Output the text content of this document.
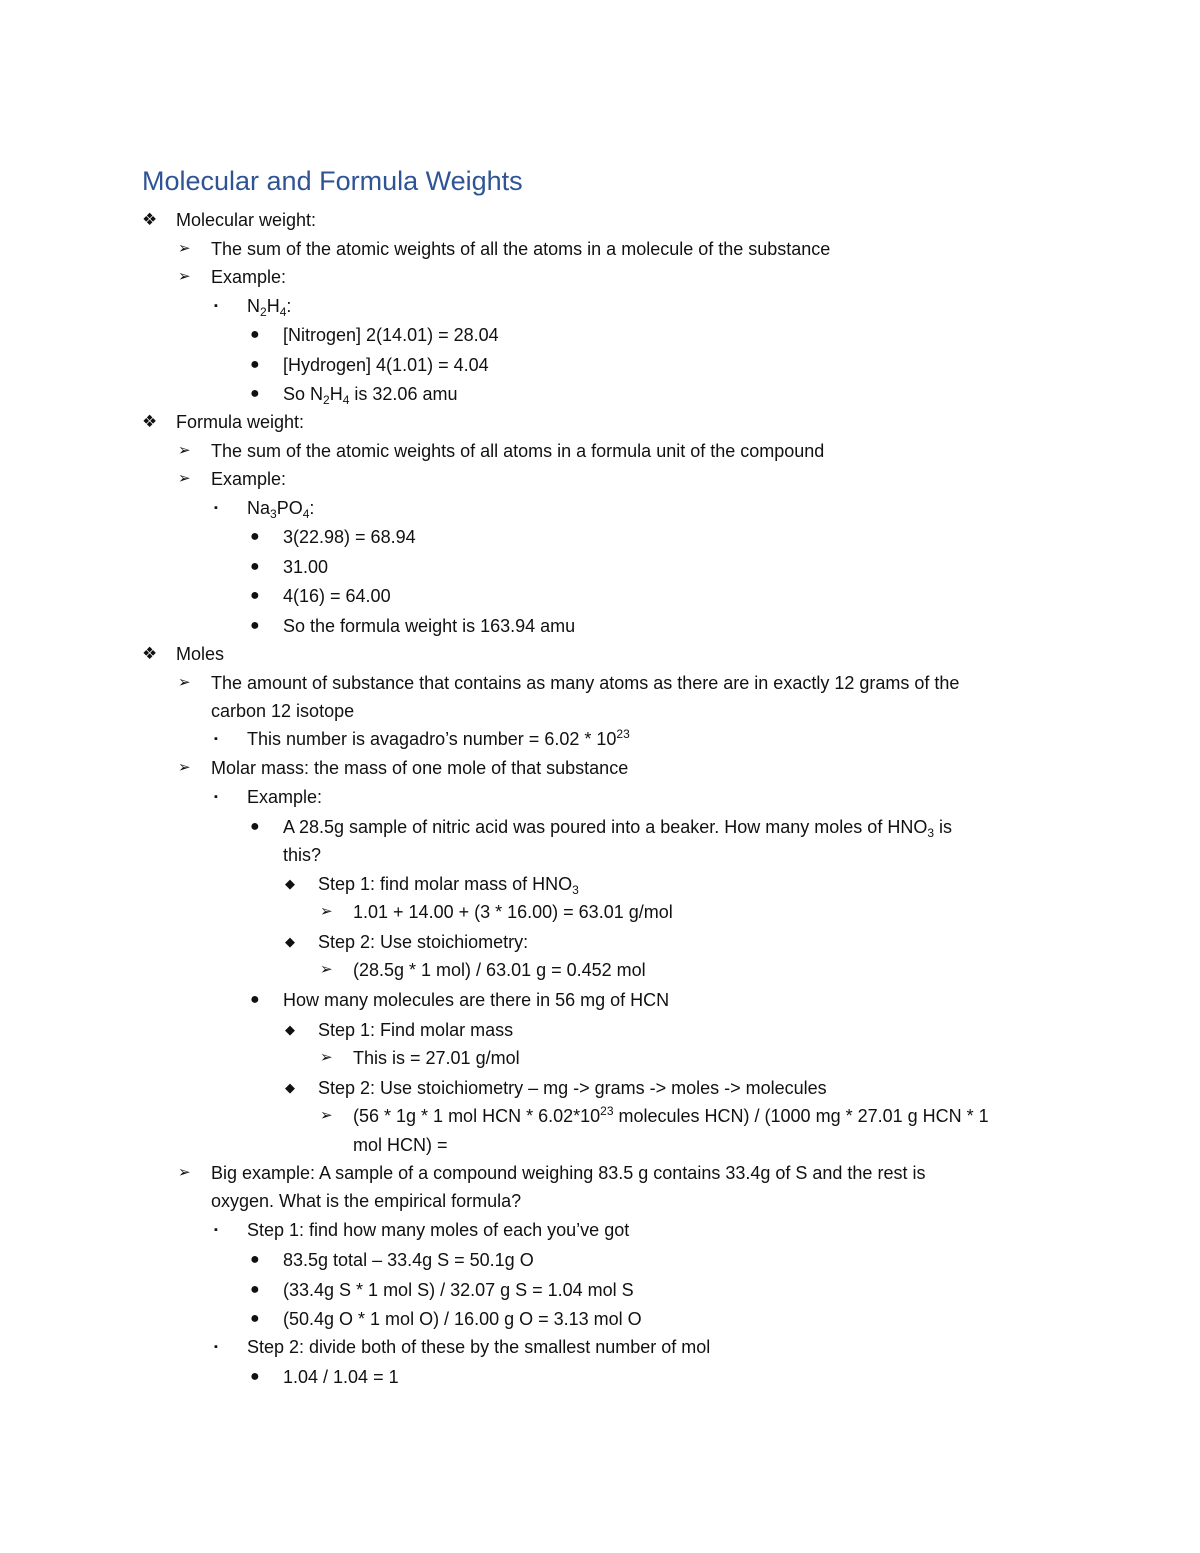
Molecular and Formula Weights
❖ Molecular weight:
➢ The sum of the atomic weights of all the atoms in a molecule of the substance
➢ Example:
▪ $N_2H_4$:
● [Nitrogen] 2(14.01) = 28.04
● [Hydrogen] 4(1.01) = 4.04
● So $N_2H_4$ is 32.06 amu
❖ Formula weight:
➢ The sum of the atomic weights of all atoms in a formula unit of the compound
➢ Example:
▪ $Na_3PO_4$:
● 3(22.98) = 68.94
● 31.00
● 4(16) = 64.00
● So the formula weight is 163.94 amu
❖ Moles
➢ The amount of substance that contains as many atoms as there are in exactly 12 grams of the
carbon 12 isotope
▪ This number is avagadro’s number = $6.02 * 10^{23}$
➢ Molar mass: the mass of one mole of that substance
▪ Example:
● A 28.5g sample of nitric acid was poured into a beaker. How many moles of $HNO_3$ is
this?
◆ Step 1: find molar mass of $HNO_3$
➢ 1.01 + 14.00 + (3 * 16.00) = 63.01 g/mol
◆ Step 2: Use stoichiometry:
➢ (28.5g * 1 mol) / 63.01 g = 0.452 mol
● How many molecules are there in 56 mg of HCN
◆ Step 1: Find molar mass
➢ This is = 27.01 g/mol
◆ Step 2: Use stoichiometry – mg -> grams -> moles -> molecules
➢ (56 * 1g * 1 mol HCN * $6.02*10^{23}$ molecules HCN) / (1000 mg * 27.01 g HCN * 1
mol HCN) =
➢ Big example: A sample of a compound weighing 83.5 g contains 33.4g of S and the rest is
oxygen. What is the empirical formula?
▪ Step 1: find how many moles of each you’ve got
● 83.5g total – 33.4g S = 50.1g O
● (33.4g S * 1 mol S) / 32.07 g S = 1.04 mol S
● (50.4g O * 1 mol O) / 16.00 g O = 3.13 mol O
▪ Step 2: divide both of these by the smallest number of mol
● 1.04 / 1.04 = 1
